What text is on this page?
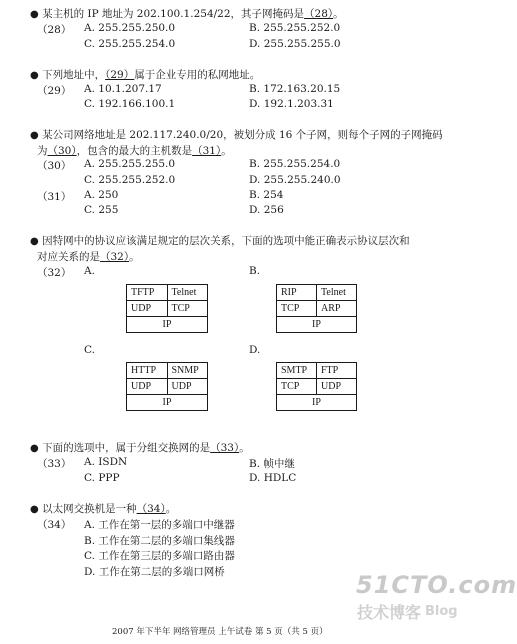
● 某主机的 IP 地址为 202.100.1.254/22，其子网掩码是（28）。
（28） A. 255.255.250.0	B. 255.255.252.0
C. 255.255.254.0	D. 255.255.255.0
● 下列地址中，（29）属于企业专用的私网地址。
（29） A. 10.1.207.17	B. 172.163.20.15
C. 192.166.100.1	D. 192.1.203.31
● 某公司网络地址是 202.117.240.0/20，被划分成 16 个子网，则每个子网的子网掩码
为（30），包含的最大的主机数是（31）。
（30） A. 255.255.255.0	B. 255.255.254.0
C. 255.255.252.0	D. 255.255.240.0
（31） A. 250	B. 254
C. 255	D. 256
● 因特网中的协议应该满足规定的层次关系，下面的选项中能正确表示协议层次和
对应关系的是（32）。
（32） A.	B.
C.	D.
TFTP	Telnet
UDP	TCP
IP
RIP	Telnet
TCP	ARP
IP
HTTP	SNMP
UDP	UDP
IP
SMTP	FTP
TCP	UDP
IP
● 下面的选项中，属于分组交换网的是（33）。
（33） A. ISDN	B. 帧中继
C. PPP	D. HDLC
● 以太网交换机是一种（34）。
（34） A. 工作在第一层的多端口中继器
B. 工作在第二层的多端口集线器
C. 工作在第三层的多端口路由器
D. 工作在第二层的多端口网桥	51CTO.com
技术博客 Blog
2007 年下半年 网络管理员 上午试卷 第 5 页（共 5 页）
